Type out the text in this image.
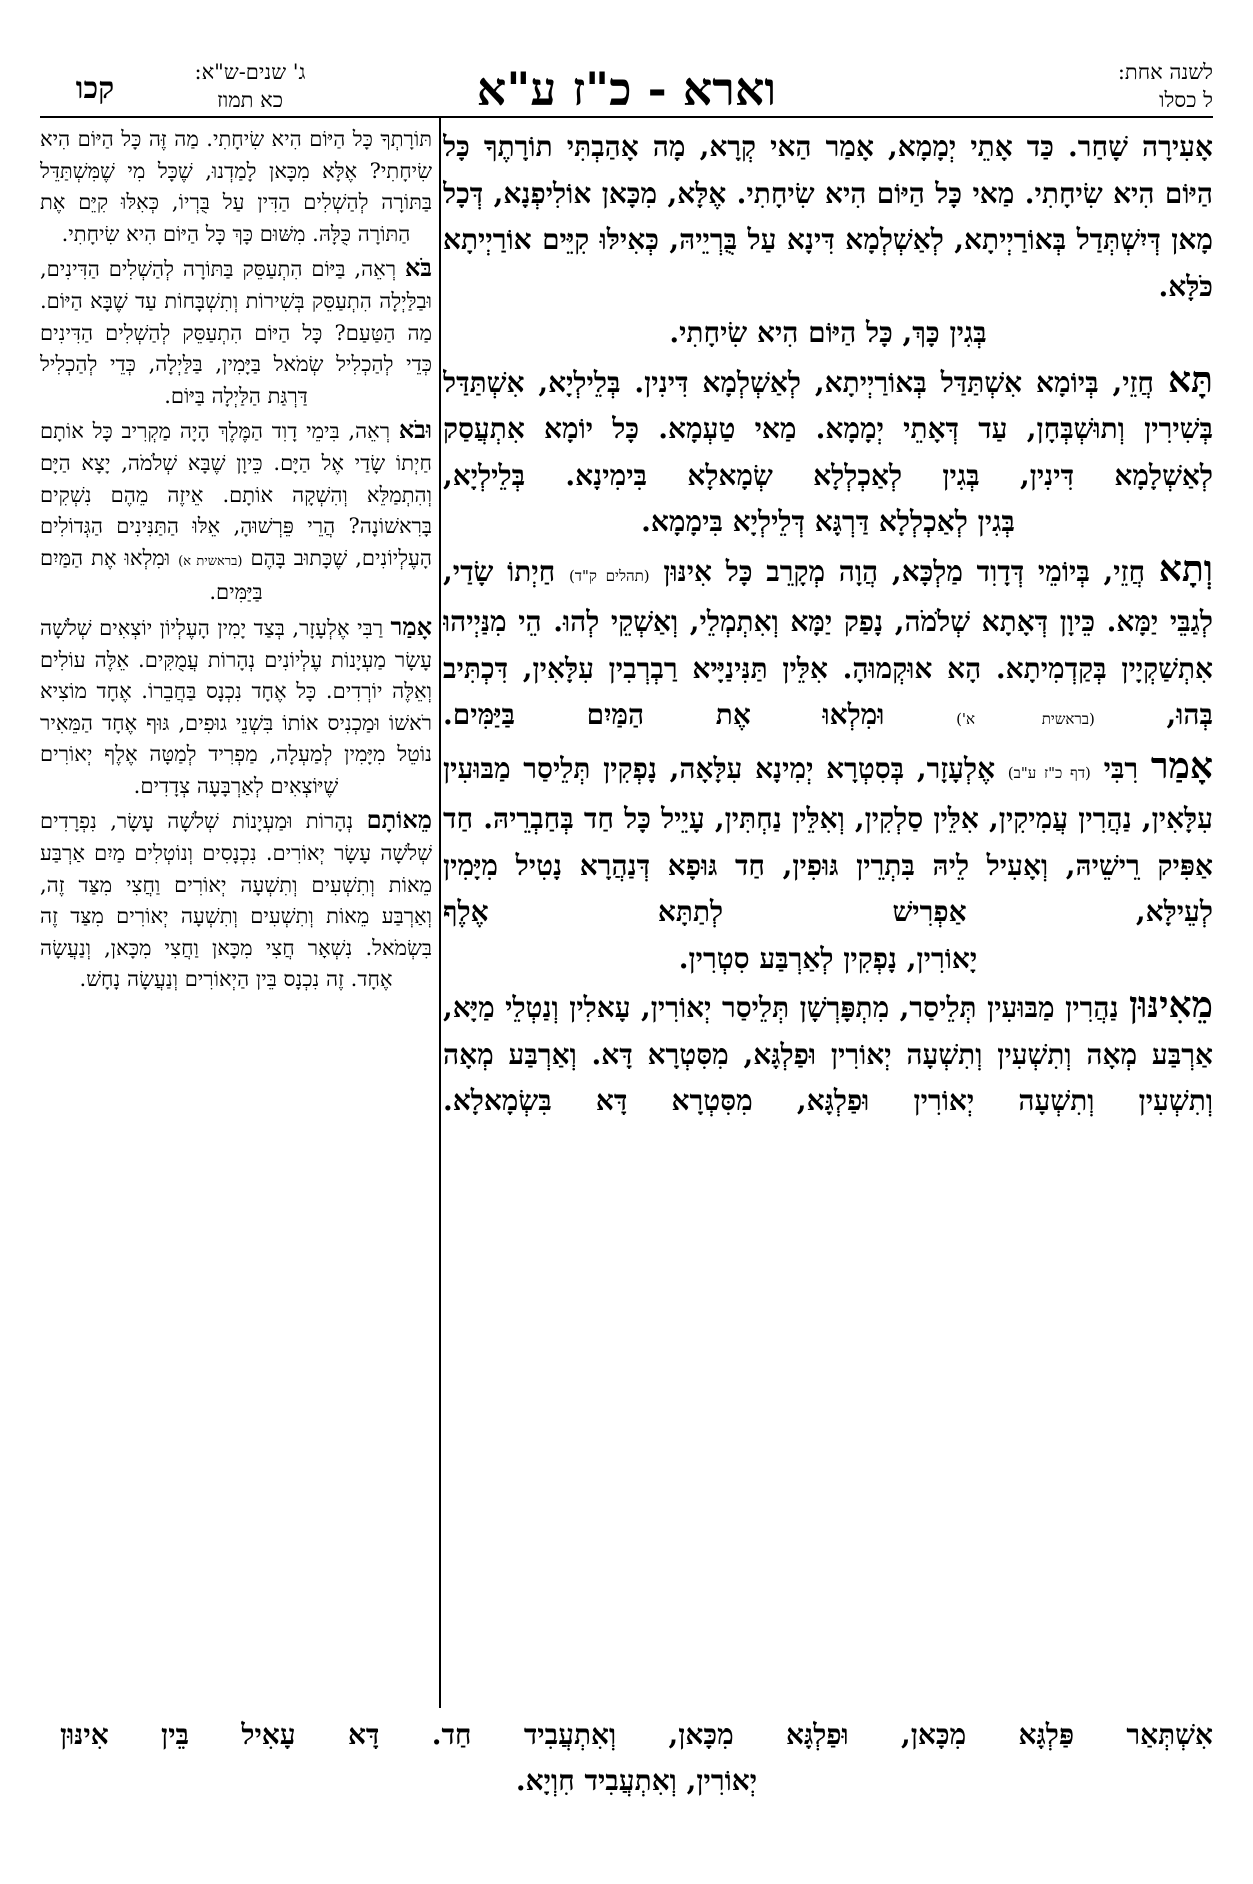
לשנה אחת:
ל כסלו
וארא - כ"ז ע"א
ג' שנים-ש"א:
כא תמוז
קכו

אָעִירָה שָׁחַר. כַּד אָתֵי יְמָמָא, אָמַר הַאי קְרָא, מָה אָהַבְתִּי תוֹרָתֶךָ כָּל הַיּוֹם הִיא שִׂיחָתִי. מַאי כָּל הַיּוֹם הִיא שִׂיחָתִי. אֶלָּא, מִכָּאן אוֹלִיפְנָא, דְּכָל מָאן דְּיִשְׁתְּדַל בְּאוֹרַיְיתָא, לְאַשְׁלְמָא דִּינָא עַל בֻּרְיֵיהּ, כְּאִילּוּ קִיֵּים אוֹרַיְיתָא כֹּלָּא.

בְּגִין כָּךְ, כָּל הַיּוֹם הִיא שִׂיחָתִי.

תָּא חֲזֵי, בְּיוֹמָא אִשְׁתַּדַּל בְּאוֹרַיְיתָא, לְאַשְׁלְמָא דִּינִין. בְּלֵילְיָא, אִשְׁתַּדַּל בְּשִׁירִין וְתוּשְׁבְּחָן, עַד דְּאָתֵי יְמָמָא. מַאי טַעְמָא. כָּל יוֹמָא אִתְעֲסַק לְאַשְׁלָמָא דִּינִין, בְּגִין לְאַכְלְלָא שְׂמָאלָא בִּימִינָא. בְּלֵילְיָא,

בְּגִין לְאַכְלְלָא דַּרְגָּא דְּלֵילְיָא בִּימָמָא.

וְתָא חֲזֵי, בְּיוֹמֵי דְּדָוִד מַלְכָּא, הֲוָה מְקָרֵב כָּל אִינּוּן (תהלים ק"ד) חַיְתוֹ שָׂדַי, לְגַבֵּי יַמָּא. כֵּיוָן דְּאָתָא שְׁלֹמֹה, נָפַק יַמָּא וְאִתְמְלֵי, וְאַשְׁקֵי לְהוּ. הֵי מִנַּיְיהוּ אִתְשַׁקְיָין בְּקַדְמִיתָא. הָא אוּקְמוּהָ. אִלֵּין תַּנִּינַיָּיא רַבְרְבִין עִלָּאִין, דִּכְתִּיב בְּהוּ, (בראשית א') וּמִלְאוּ אֶת הַמַּיִם בַּיַּמִּים.

אָמַר רִבִּי (דף כ"ז ע"ב) אֶלְעָזָר, בְּסִטְרָא יְמִינָא עִלָּאָה, נָפְקִין תְּלֵיסַר מַבּוּעִין עִלָּאִין, נַהֲרִין עֲמִיקִין, אִלֵּין סַלְקִין, וְאִלֵּין נַחְתִּין, עָיֵיל כָּל חַד בְּחַבְרֵיהּ. חַד אַפִּיק רֵישֵׁיהּ, וְאָעִיל לֵיהּ בִּתְרֵין גּוּפִין, חַד גּוּפָא דְּנַהֲרָא נָטִיל מִיָּמִין לְעֵילָּא, אַפְרִישׁ לְתַתָּא אֶלֶף

יָאוֹרִין, נָפְקִין לְאַרְבַּע סִטְרִין.

מֵאִינּוּן נַהֲרִין מַבּוּעִין תְּלֵיסַר, מִתְפָּרְשָׁן תְּלֵיסַר יְאוֹרִין, עָאלִין וְנַטְלֵי מַיָּא, אַרְבַּע מְאָה וְתִשְׁעִין וְתִשְׁעָה יְאוֹרִין וּפַלְגָּא, מִסִּטְרָא דָּא. וְאַרְבַּע מְאָה וְתִשְׁעִין וְתִשְׁעָה יְאוֹרִין וּפַלְגָּא, מִסִּטְרָא דָּא בִּשְׂמָאלָא.

תּוֹרָתְךָ כָּל הַיּוֹם הִיא שִׂיחָתִי. מַה זֶּה כָּל הַיּוֹם הִיא שִׂיחָתִי? אֶלָּא מִכָּאן לָמַדְנוּ, שֶׁכָּל מִי שֶׁמִּשְׁתַּדֵּל בַּתּוֹרָה לְהַשְׁלִים הַדִּין עַל בֻּרְיוֹ, כְּאִלּוּ קִיֵּם אֶת הַתּוֹרָה כֻּלָּהּ. מִשּׁוּם כָּךְ כָּל הַיּוֹם הִיא שִׂיחָתִי.

בֹּא רְאֵה, בַּיּוֹם הִתְעַסֵּק בַּתּוֹרָה לְהַשְׁלִים הַדִּינִים, וּבַלַּיְלָה הִתְעַסֵּק בְּשִׁירוֹת וְתִשְׁבָּחוֹת עַד שֶׁבָּא הַיּוֹם. מַה הַטַּעַם? כָּל הַיּוֹם הִתְעַסֵּק לְהַשְׁלִים הַדִּינִים כְּדֵי לְהַכְלִיל שְׂמֹאל בַּיָּמִין, בַּלַּיְלָה, כְּדֵי לְהַכְלִיל דַּרְגַּת הַלַּיְלָה בַּיּוֹם.

וּבֹא רְאֵה, בִּימֵי דָוִד הַמֶּלֶךְ הָיָה מַקְרִיב כָּל אוֹתָם חַיְתוֹ שָׂדַי אֶל הַיָּם. כֵּיוָן שֶׁבָּא שְׁלֹמֹה, יָצָא הַיָּם וְהִתְמַלֵּא וְהִשְׁקָה אוֹתָם. אֵיזֶה מֵהֶם נִשְׁקִים בָּרִאשׁוֹנָה? הֲרֵי פֵּרְשׁוּהָ, אֵלּוּ הַתַּנִּינִים הַגְּדוֹלִים הָעֶלְיוֹנִים, שֶׁכָּתוּב בָּהֶם (בראשית א) וּמִלְאוּ אֶת הַמַּיִם בַּיַּמִּים.

אָמַר רַבִּי אֶלְעָזָר, בְּצַד יָמִין הָעֶלְיוֹן יוֹצְאִים שְׁלֹשָׁה עָשָׂר מַעְיָנוֹת עֶלְיוֹנִים נְהָרוֹת עֲמֻקִּים. אֵלֶּה עוֹלִים וְאֵלֶּה יוֹרְדִים. כָּל אֶחָד נִכְנָס בַּחֲבֵרוֹ. אֶחָד מוֹצִיא רֹאשׁוֹ וּמַכְנִיס אוֹתוֹ בִּשְׁנֵי גוּפִים, גּוּף אֶחָד הַמֵּאִיר נוֹטֵל מִיָּמִין לְמַעְלָה, מַפְרִיד לְמַטָּה אֶלֶף יְאוֹרִים שֶׁיּוֹצְאִים לְאַרְבָּעָה צְדָדִים.

מֵאוֹתָם נְהָרוֹת וּמַעְיָנוֹת שְׁלֹשָׁה עָשָׂר, נִפְרָדִים שְׁלֹשָׁה עָשָׂר יְאוֹרִים. נִכְנָסִים וְנוֹטְלִים מַיִם אַרְבַּע מֵאוֹת וְתִשְׁעִים וְתִשְׁעָה יְאוֹרִים וַחֲצִי מִצַּד זֶה, וְאַרְבַּע מֵאוֹת וְתִשְׁעִים וְתִשְׁעָה יְאוֹרִים מִצַּד זֶה בִּשְׂמֹאל. נִשְׁאָר חֲצִי מִכָּאן וַחֲצִי מִכָּאן, וְנַעֲשָׂה אֶחָד. זֶה נִכְנָס בֵּין הַיְאוֹרִים וְנַעֲשָׂה נָחָשׁ.

אִשְׁתְּאַר פַּלְגָּא מִכָּאן, וּפַלְגָּא מִכָּאן, וְאִתְעֲבִיד חַד. דָּא עָאִיל בֵּין אִינּוּן

יְאוֹרִין, וְאִתְעֲבִיד חִוְיָא.
